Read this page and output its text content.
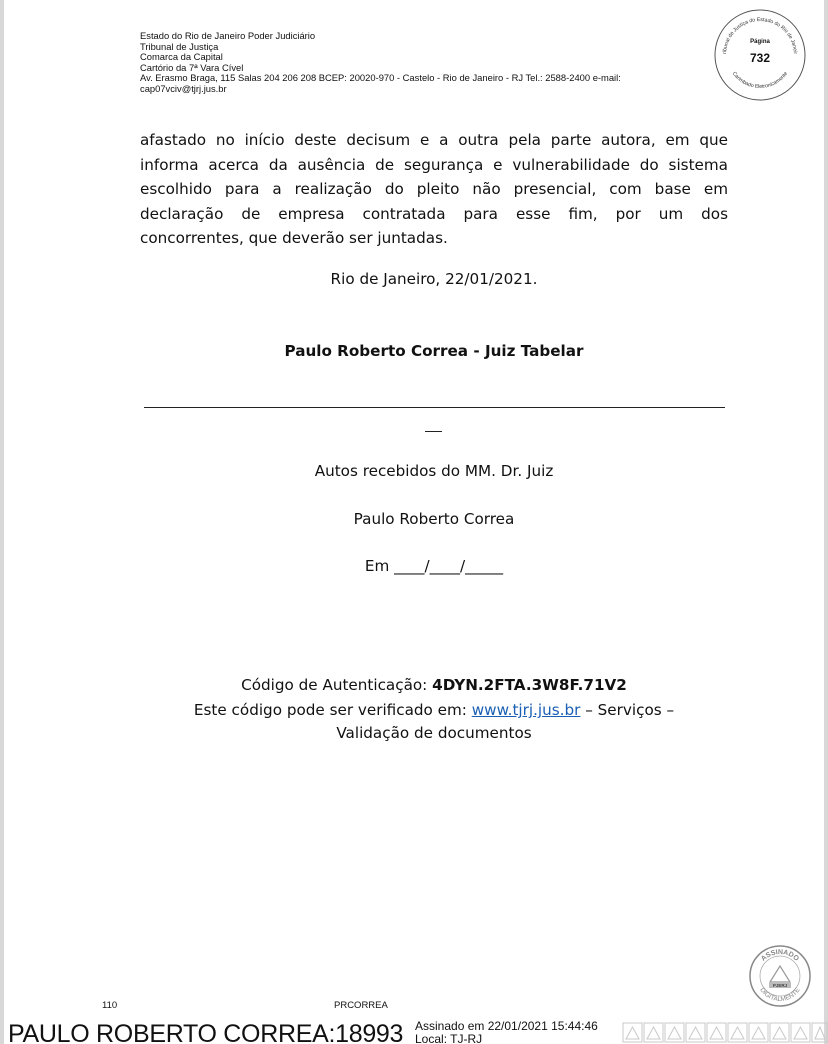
Estado do Rio de Janeiro Poder Judiciário
Tribunal de Justiça
Comarca da Capital
Cartório da 7ª Vara Cível
Av. Erasmo Braga, 115 Salas 204 206 208 BCEP: 20020-970 - Castelo - Rio de Janeiro - RJ Tel.: 2588-2400 e-mail:
cap07vciv@tjrj.jus.br
ribunal de Justiça do Estado do Rio de Janeir
Carimbado Eletronicamente
Página
732
afastado no início deste decisum e a outra pela parte autora, em que
informa acerca da ausência de segurança e vulnerabilidade do sistema
escolhido para a realização do pleito não presencial, com base em
declaração de empresa contratada para esse fim, por um dos
concorrentes, que deverão ser juntadas.
Rio de Janeiro, 22/01/2021.
Paulo Roberto Correa - Juiz Tabelar
Autos recebidos do MM. Dr. Juiz
Paulo Roberto Correa
Em ____/____/_____
Código de Autenticação: 4DYN.2FTA.3W8F.71V2
Este código pode ser verificado em: www.tjrj.jus.br – Serviços –
Validação de documentos
ASSINADO
DIGITALMENTE
PJERJ
110	PRCORREA
PAULO ROBERTO CORREA:18993 Assinado em 22/01/2021 15:44:46
Local: TJ-RJ
